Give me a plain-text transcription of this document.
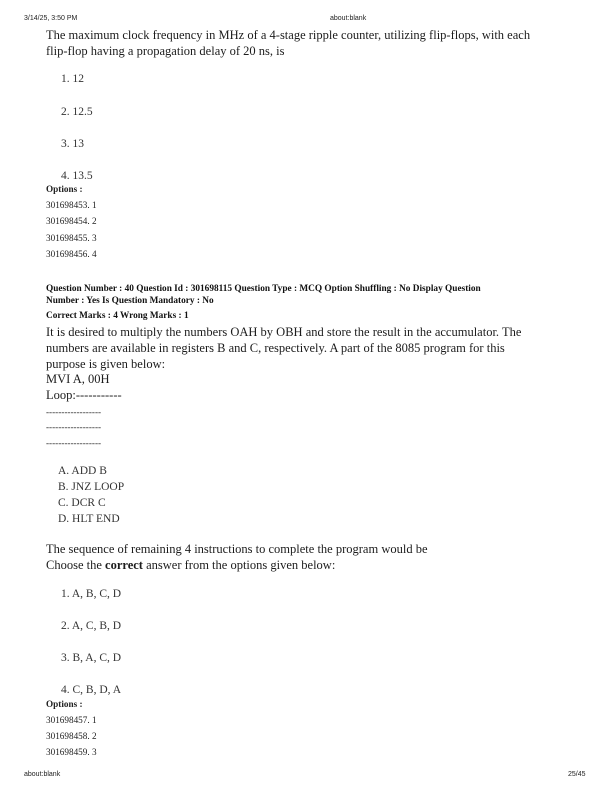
3/14/25, 3:50 PM	about:blank
The maximum clock frequency in MHz of a 4-stage ripple counter, utilizing flip-flops, with each
flip-flop having a propagation delay of 20 ns, is
1. 12
2. 12.5
3. 13
4. 13.5
Options :
301698453. 1
301698454. 2
301698455. 3
301698456. 4
Question Number : 40 Question Id : 301698115 Question Type : MCQ Option Shuffling : No Display Question
Number : Yes Is Question Mandatory : No
Correct Marks : 4 Wrong Marks : 1
It is desired to multiply the numbers OAH by OBH and store the result in the accumulator. The
numbers are available in registers B and C, respectively. A part of the 8085 program for this
purpose is given below:
MVI A, 00H
Loop:-----------
------------------
------------------
------------------
A. ADD B
B. JNZ LOOP
C. DCR C
D. HLT END
The sequence of remaining 4 instructions to complete the program would be
Choose the correct answer from the options given below:
1. A, B, C, D
2. A, C, B, D
3. B, A, C, D
4. C, B, D, A
Options :
301698457. 1
301698458. 2
301698459. 3
about:blank	25/45
